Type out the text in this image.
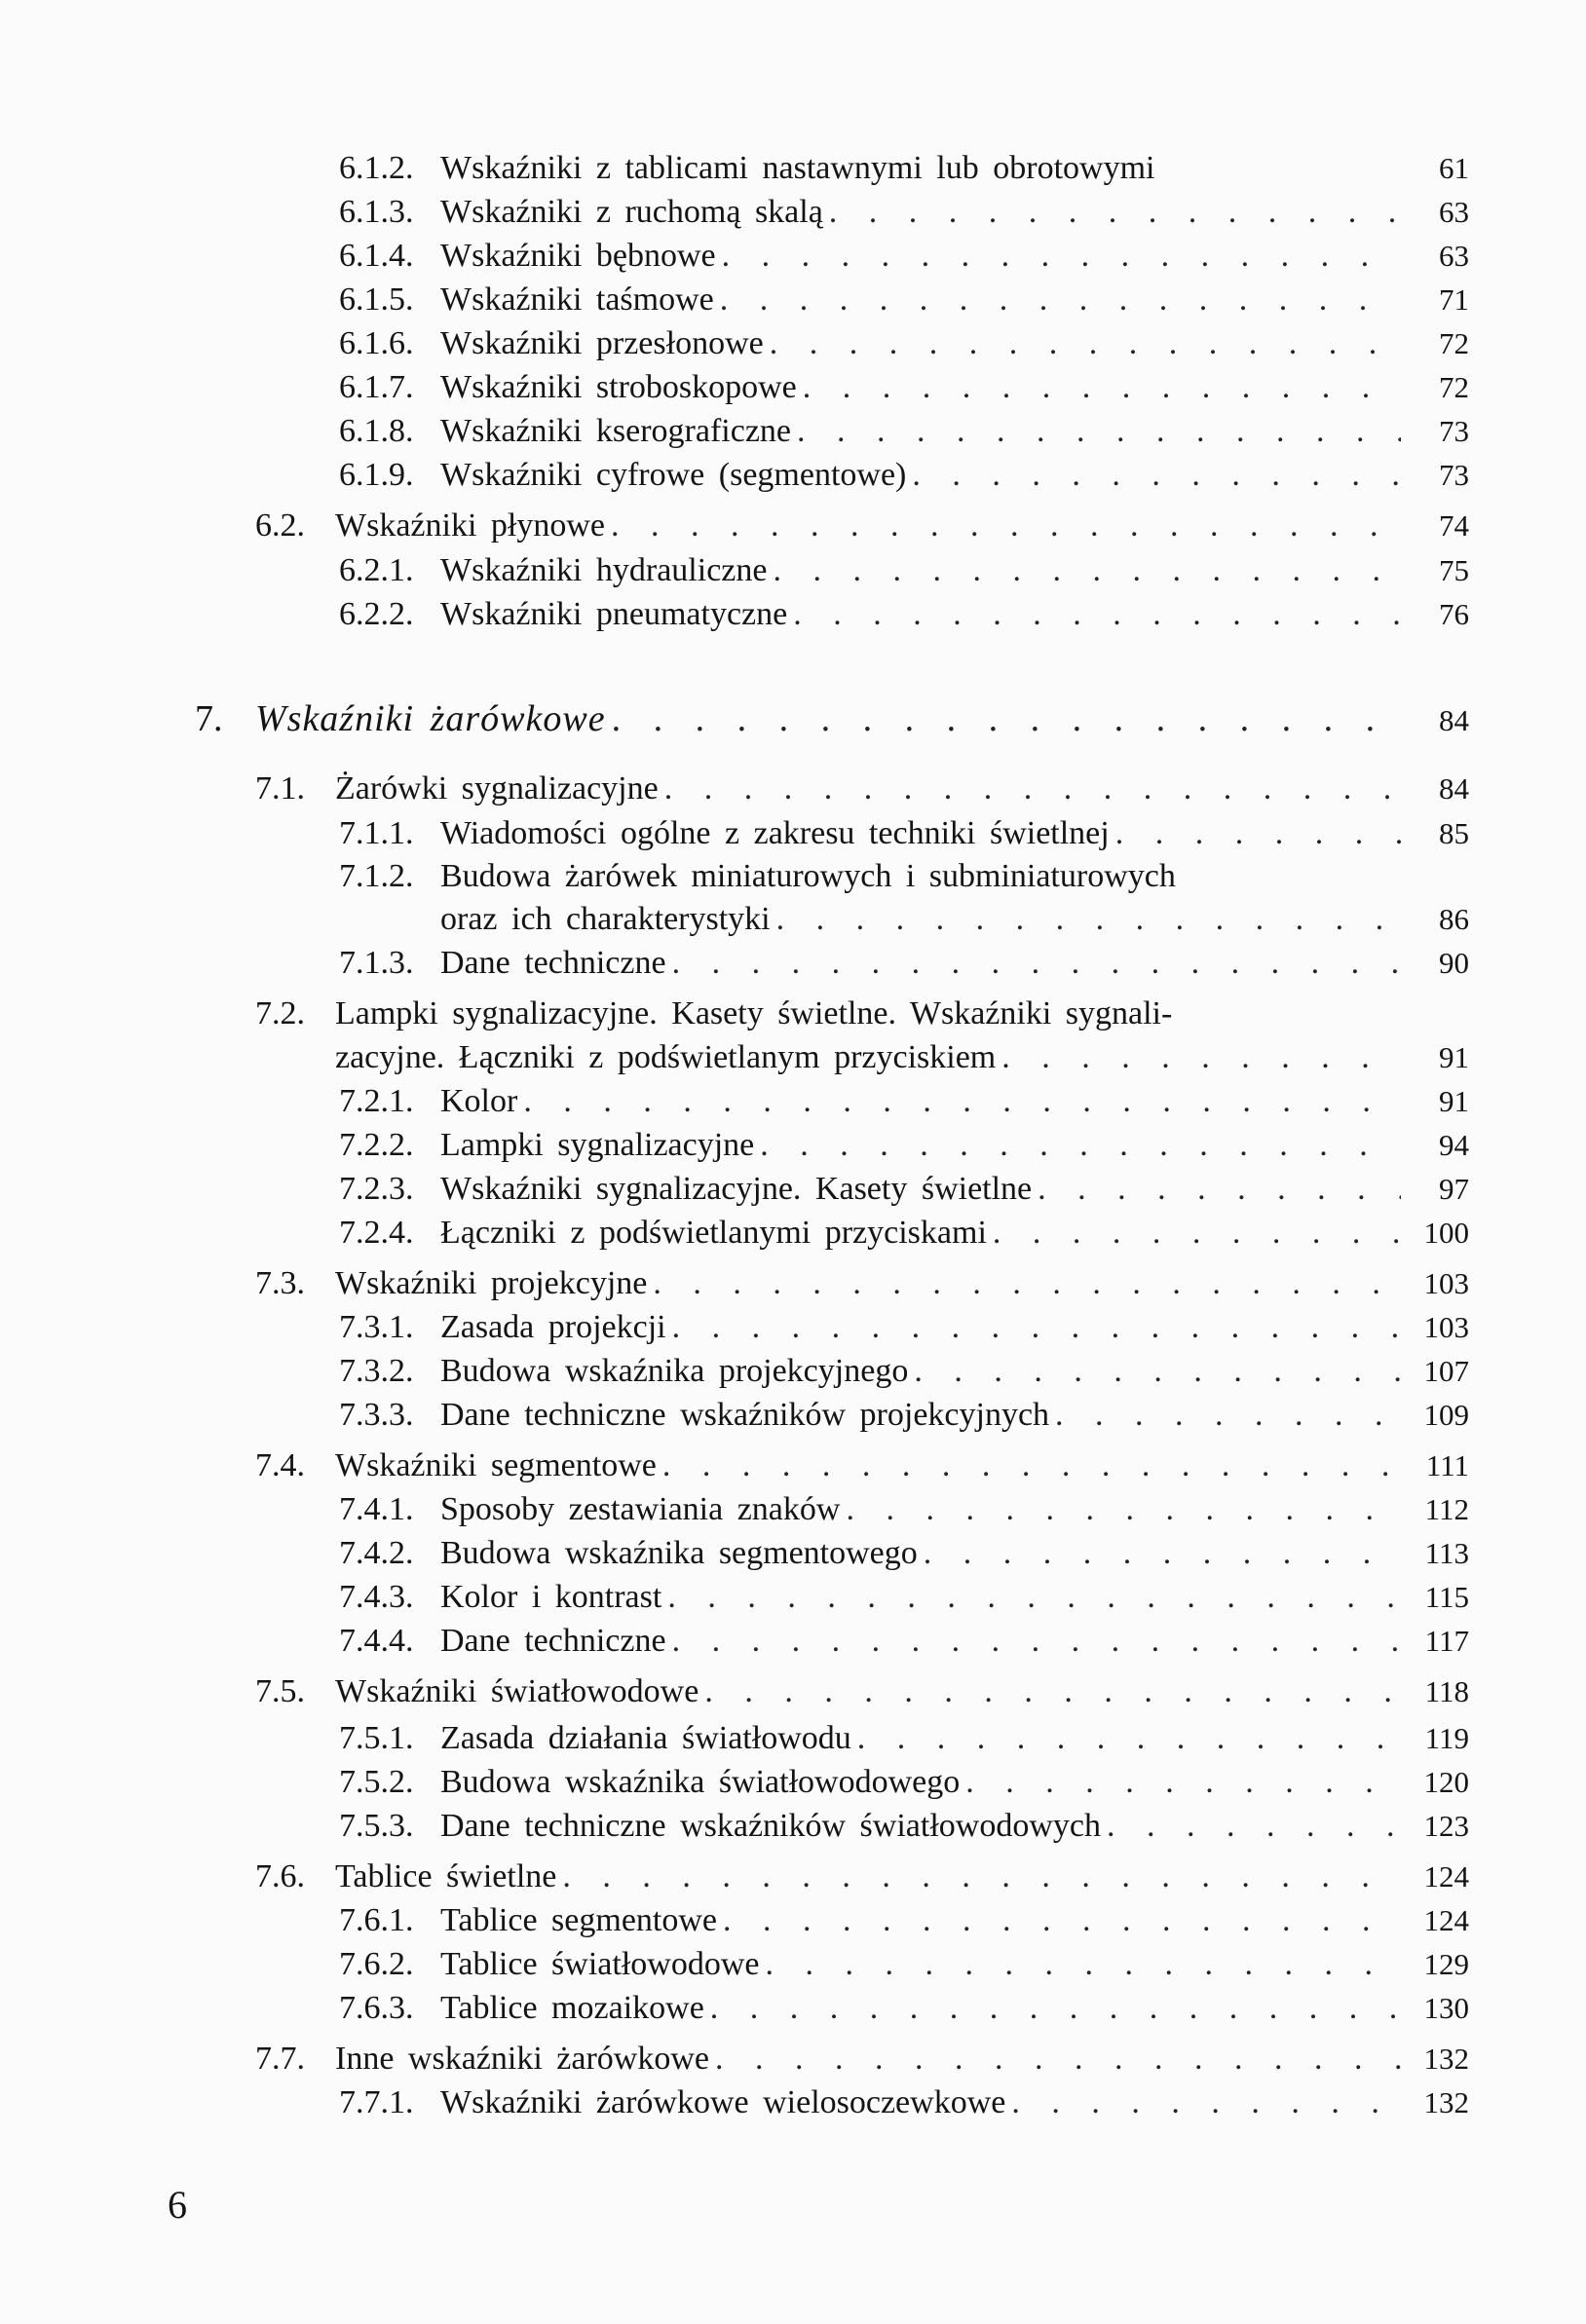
6.1.2. Wskaźniki z tablicami nastawnymi lub obrotowymi	61
6.1.3. Wskaźniki z ruchomą skalą . . .	63
6.1.4. Wskaźniki bębnowe . . .	63
6.1.5. Wskaźniki taśmowe . . .	71
6.1.6. Wskaźniki przesłonowe . . .	72
6.1.7. Wskaźniki stroboskopowe . . .	72
6.1.8. Wskaźniki kserograficzne . . .	73
6.1.9. Wskaźniki cyfrowe (segmentowe) . . .	73
6.2. Wskaźniki płynowe . . .	74
6.2.1. Wskaźniki hydrauliczne . . .	75
6.2.2. Wskaźniki pneumatyczne . . .	76
7. Wskaźniki żarówkowe . . .	84
7.1. Żarówki sygnalizacyjne . . .	84
7.1.1. Wiadomości ogólne z zakresu techniki świetlnej . . .	85
7.1.2. Budowa żarówek miniaturowych i subminiaturowych
oraz ich charakterystyki . . .	86
7.1.3. Dane techniczne . . .	90
7.2. Lampki sygnalizacyjne. Kasety świetlne. Wskaźniki sygnali-
zacyjne. Łączniki z podświetlanym przyciskiem . . .	91
7.2.1. Kolor . . .	91
7.2.2. Lampki sygnalizacyjne . . .	94
7.2.3. Wskaźniki sygnalizacyjne. Kasety świetlne . . .	97
7.2.4. Łączniki z podświetlanymi przyciskami . . .	100
7.3. Wskaźniki projekcyjne . . .	103
7.3.1. Zasada projekcji . . .	103
7.3.2. Budowa wskaźnika projekcyjnego . . .	107
7.3.3. Dane techniczne wskaźników projekcyjnych . . .	109
7.4. Wskaźniki segmentowe . . .	111
7.4.1. Sposoby zestawiania znaków . . .	112
7.4.2. Budowa wskaźnika segmentowego . . .	113
7.4.3. Kolor i kontrast . . .	115
7.4.4. Dane techniczne . . .	117
7.5. Wskaźniki światłowodowe . . .	118
7.5.1. Zasada działania światłowodu . . .	119
7.5.2. Budowa wskaźnika światłowodowego . . .	120
7.5.3. Dane techniczne wskaźników światłowodowych . . .	123
7.6. Tablice świetlne . . .	124
7.6.1. Tablice segmentowe . . .	124
7.6.2. Tablice światłowodowe . . .	129
7.6.3. Tablice mozaikowe . . .	130
7.7. Inne wskaźniki żarówkowe . . .	132
7.7.1. Wskaźniki żarówkowe wielosoczewkowe . . .	132
6
